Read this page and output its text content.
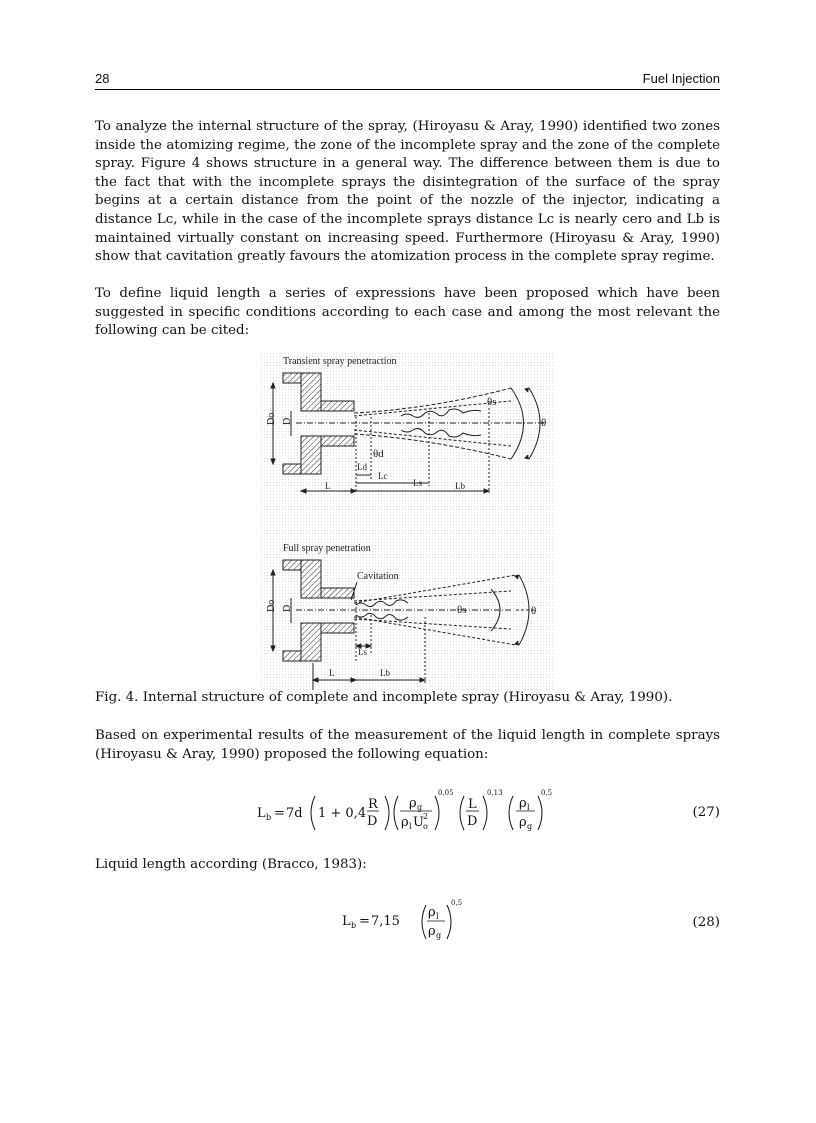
28	Fuel Injection

To analyze the internal structure of the spray, (Hiroyasu & Aray, 1990) identified two zones inside the atomizing regime, the zone of the incomplete spray and the zone of the complete spray. Figure 4 shows structure in a general way. The difference between them is due to the fact that with the incomplete sprays the disintegration of the surface of the spray begins at a certain distance from the point of the nozzle of the injector, indicating a distance Lc, while in the case of the incomplete sprays distance Lc is nearly cero and Lb is maintained virtually constant on increasing speed. Furthermore (Hiroyasu & Aray, 1990) show that cavitation greatly favours the atomization process in the complete spray regime.

To define liquid length a series of expressions have been proposed which have been suggested in specific conditions according to each case and among the most relevant the following can be cited:

Transient spray penetraction
Do D
θs
θ
θd
Ld
Lc
Ls
L	Lb
Full spray penetration
Cavitation
Do D	θs	θ
Ls
L	Lb
Fig. 4. Internal structure of complete and incomplete spray (Hiroyasu & Aray, 1990).

Based on experimental results of the measurement of the liquid length in complete sprays (Hiroyasu & Aray, 1990) proposed the following equation:

L b = 7d 1 + 0,4
R
D
ρ g
ρ l U 2
o
0,05
L
D
0,13
ρ l
ρ g
0,5
(27)
Liquid length according (Bracco, 1983):
L b = 7,15
ρ l
ρ g
0,5
(28)
